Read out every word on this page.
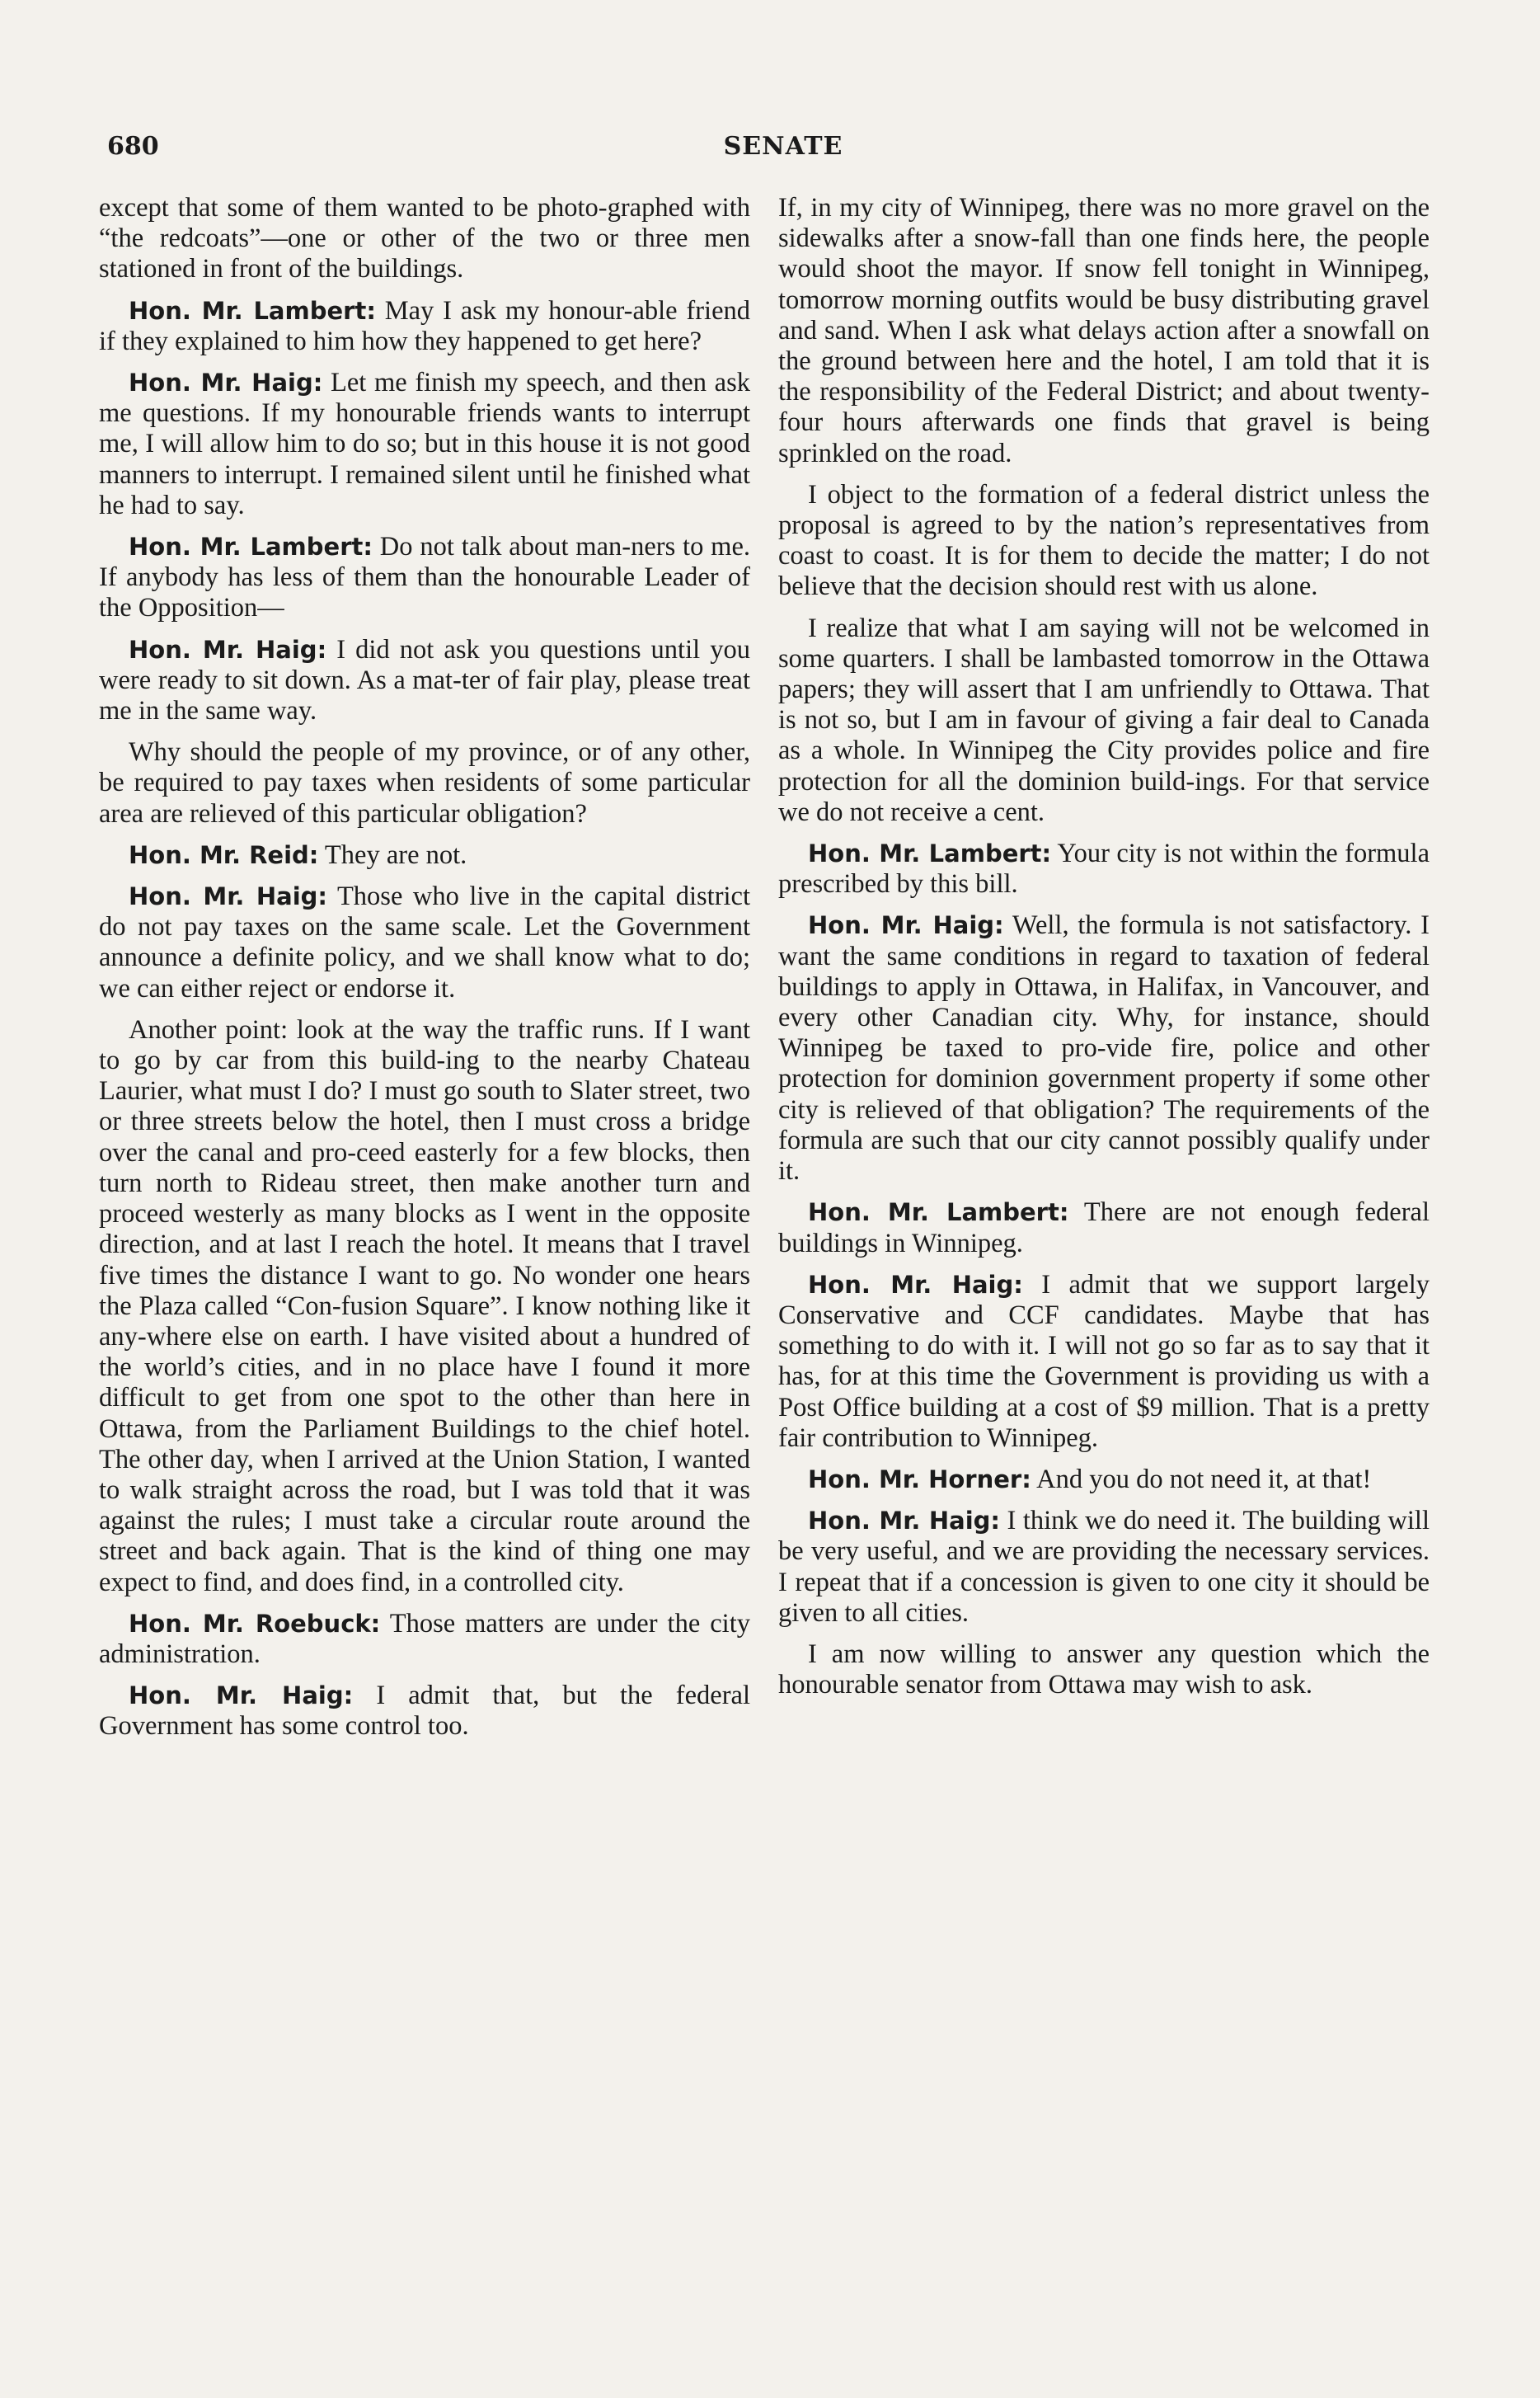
680	SENATE

except that some of them wanted to be photo-graphed with “the redcoats”—one or other of the two or three men stationed in front of the buildings.

Hon. Mr. Lambert: May I ask my honour-able friend if they explained to him how they happened to get here?

Hon. Mr. Haig: Let me finish my speech, and then ask me questions. If my honourable friends wants to interrupt me, I will allow him to do so; but in this house it is not good manners to interrupt. I remained silent until he finished what he had to say.

Hon. Mr. Lambert: Do not talk about man-ners to me. If anybody has less of them than the honourable Leader of the Opposition—

Hon. Mr. Haig: I did not ask you questions until you were ready to sit down. As a mat-ter of fair play, please treat me in the same way.

Why should the people of my province, or of any other, be required to pay taxes when residents of some particular area are relieved of this particular obligation?

Hon. Mr. Reid: They are not.

Hon. Mr. Haig: Those who live in the capital district do not pay taxes on the same scale. Let the Government announce a definite policy, and we shall know what to do; we can either reject or endorse it.

Another point: look at the way the traffic runs. If I want to go by car from this build-ing to the nearby Chateau Laurier, what must I do? I must go south to Slater street, two or three streets below the hotel, then I must cross a bridge over the canal and pro-ceed easterly for a few blocks, then turn north to Rideau street, then make another turn and proceed westerly as many blocks as I went in the opposite direction, and at last I reach the hotel. It means that I travel five times the distance I want to go. No wonder one hears the Plaza called “Con-fusion Square”. I know nothing like it any-where else on earth. I have visited about a hundred of the world’s cities, and in no place have I found it more difficult to get from one spot to the other than here in Ottawa, from the Parliament Buildings to the chief hotel. The other day, when I arrived at the Union Station, I wanted to walk straight across the road, but I was told that it was against the rules; I must take a circular route around the street and back again. That is the kind of thing one may expect to find, and does find, in a controlled city.

Hon. Mr. Roebuck: Those matters are under the city administration.

Hon. Mr. Haig: I admit that, but the federal Government has some control too.

If, in my city of Winnipeg, there was no more gravel on the sidewalks after a snow-fall than one finds here, the people would shoot the mayor. If snow fell tonight in Winnipeg, tomorrow morning outfits would be busy distributing gravel and sand. When I ask what delays action after a snowfall on the ground between here and the hotel, I am told that it is the responsibility of the Federal District; and about twenty-four hours afterwards one finds that gravel is being sprinkled on the road.

I object to the formation of a federal district unless the proposal is agreed to by the nation’s representatives from coast to coast. It is for them to decide the matter; I do not believe that the decision should rest with us alone.

I realize that what I am saying will not be welcomed in some quarters. I shall be lambasted tomorrow in the Ottawa papers; they will assert that I am unfriendly to Ottawa. That is not so, but I am in favour of giving a fair deal to Canada as a whole. In Winnipeg the City provides police and fire protection for all the dominion build-ings. For that service we do not receive a cent.

Hon. Mr. Lambert: Your city is not within the formula prescribed by this bill.

Hon. Mr. Haig: Well, the formula is not satisfactory. I want the same conditions in regard to taxation of federal buildings to apply in Ottawa, in Halifax, in Vancouver, and every other Canadian city. Why, for instance, should Winnipeg be taxed to pro-vide fire, police and other protection for dominion government property if some other city is relieved of that obligation? The requirements of the formula are such that our city cannot possibly qualify under it.

Hon. Mr. Lambert: There are not enough federal buildings in Winnipeg.

Hon. Mr. Haig: I admit that we support largely Conservative and CCF candidates. Maybe that has something to do with it. I will not go so far as to say that it has, for at this time the Government is providing us with a Post Office building at a cost of $9 million. That is a pretty fair contribution to Winnipeg.

Hon. Mr. Horner: And you do not need it, at that!

Hon. Mr. Haig: I think we do need it. The building will be very useful, and we are providing the necessary services. I repeat that if a concession is given to one city it should be given to all cities.

I am now willing to answer any question which the honourable senator from Ottawa may wish to ask.
